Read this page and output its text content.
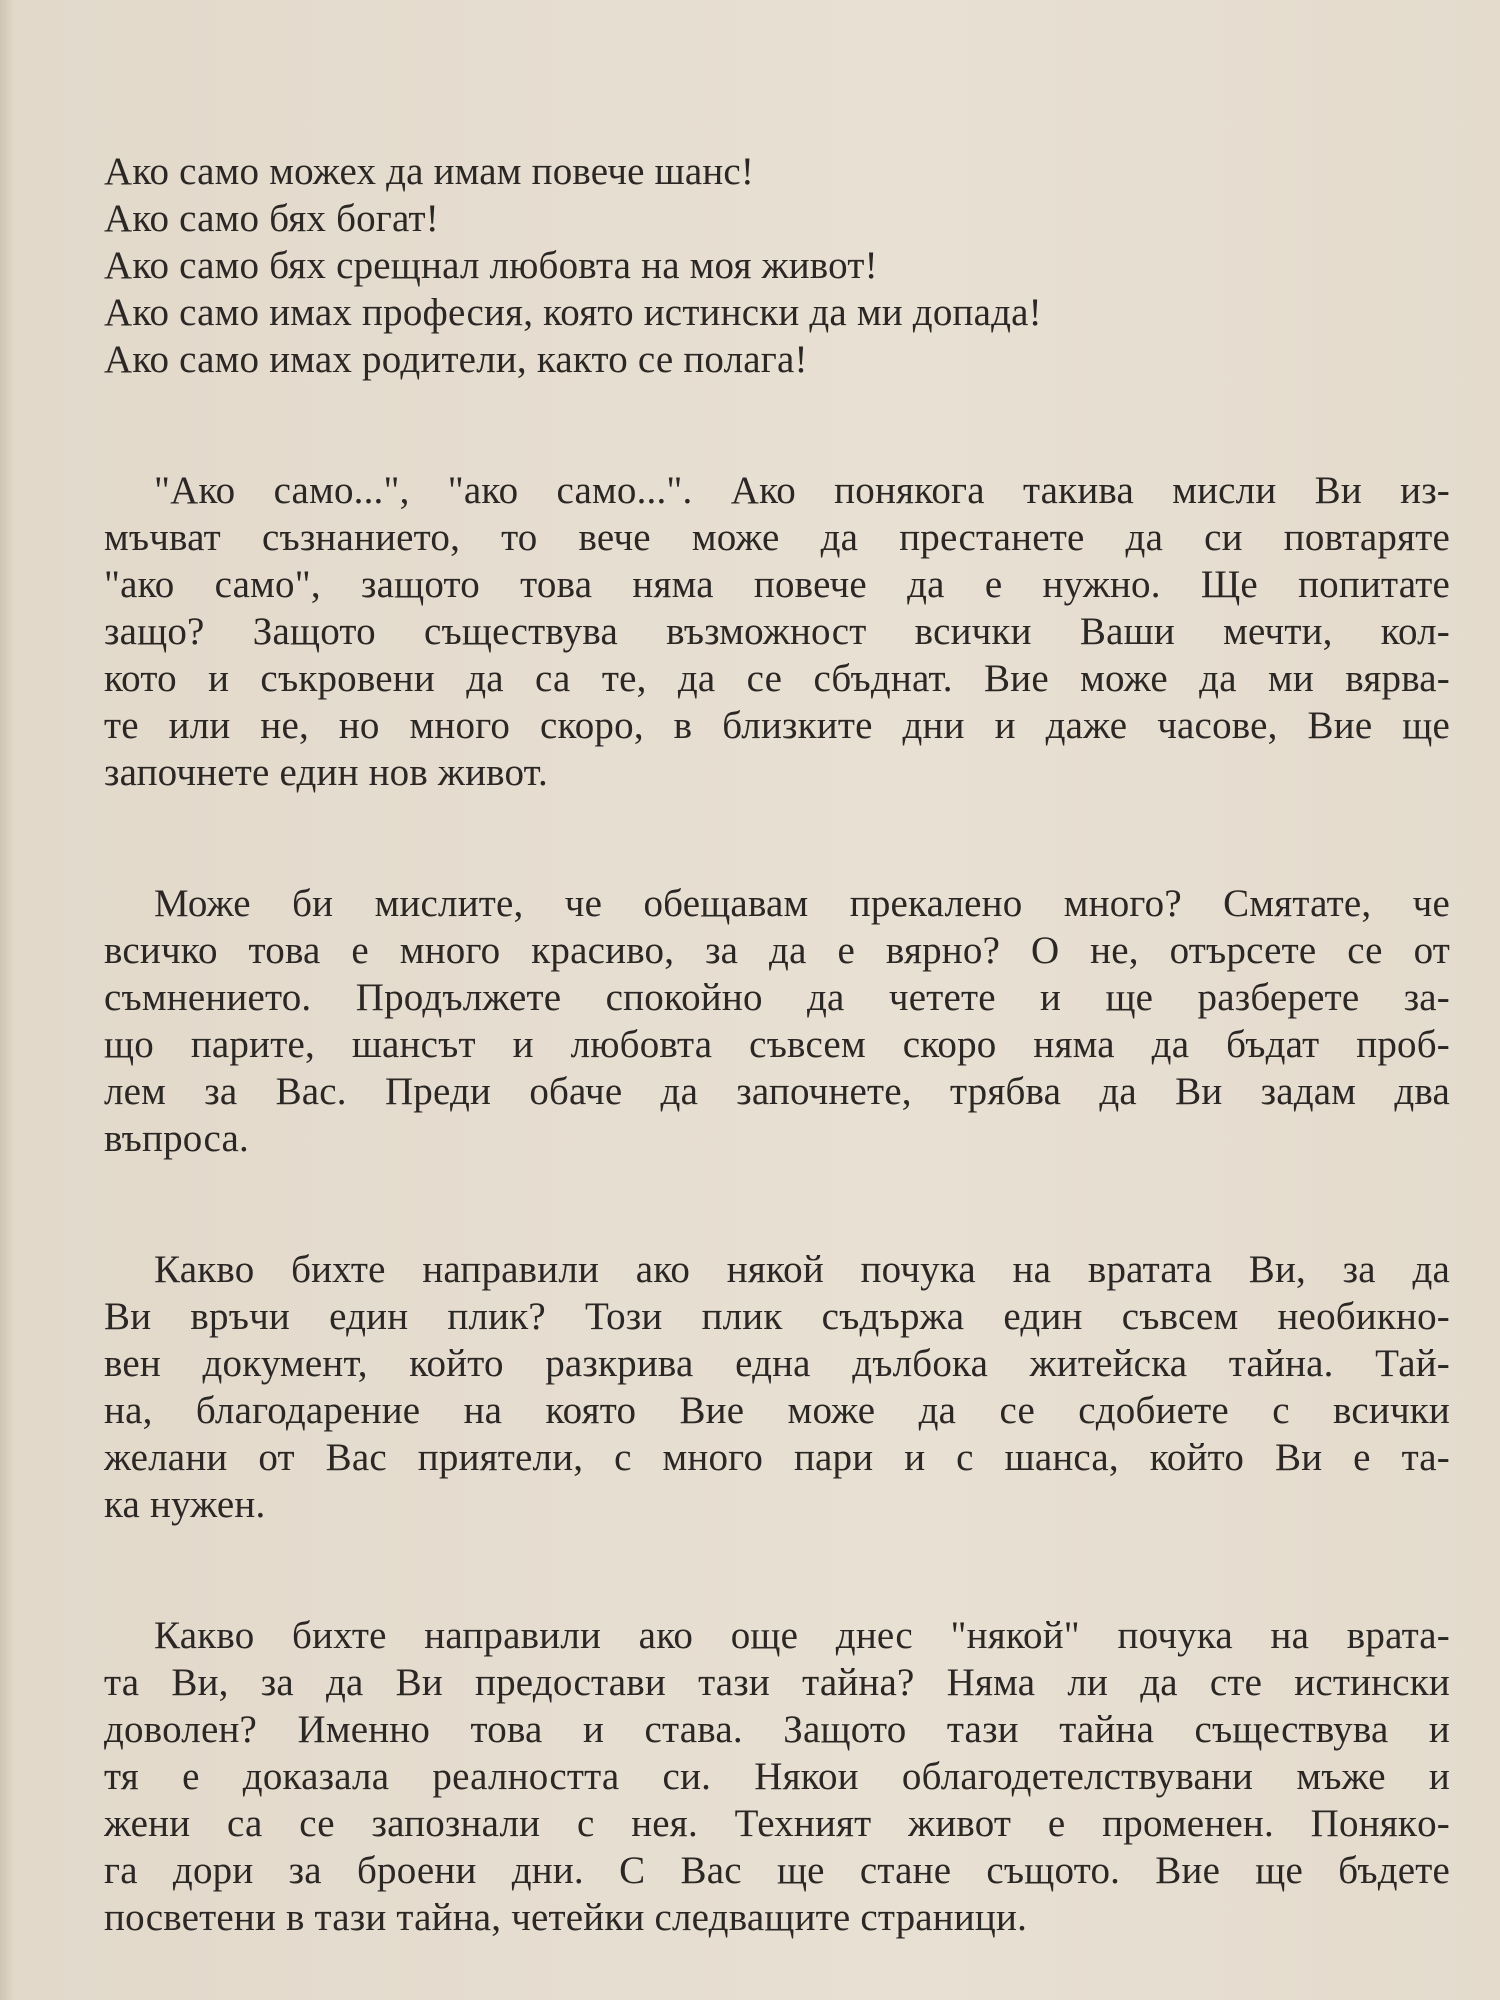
Ако само можех да имам повече шанс!
Ако само бях богат!
Ако само бях срещнал любовта на моя живот!
Ако само имах професия, която истински да ми допада!
Ако само имах родители, както се полага!
"Ако само...", "ако само...". Ако понякога такива мисли Ви из-
мъчват съзнанието, то вече може да престанете да си повтаряте
"ако само", защото това няма повече да е нужно. Ще попитате
защо? Защото съществува възможност всички Ваши мечти, кол-
кото и съкровени да са те, да се сбъднат. Вие може да ми вярва-
те или не, но много скоро, в близките дни и даже часове, Вие ще
започнете един нов живот.
Може би мислите, че обещавам прекалено много? Смятате, че
всичко това е много красиво, за да е вярно? О не, отърсете се от
съмнението. Продължете спокойно да четете и ще разберете за-
що парите, шансът и любовта съвсем скоро няма да бъдат проб-
лем за Вас. Преди обаче да започнете, трябва да Ви задам два
въпроса.
Какво бихте направили ако някой почука на вратата Ви, за да
Ви връчи един плик? Този плик съдържа един съвсем необикно-
вен документ, който разкрива една дълбока житейска тайна. Тай-
на, благодарение на която Вие може да се сдобиете с всички
желани от Вас приятели, с много пари и с шанса, който Ви е та-
ка нужен.
Какво бихте направили ако още днес "някой" почука на врата-
та Ви, за да Ви предостави тази тайна? Няма ли да сте истински
доволен? Именно това и става. Защото тази тайна съществува и
тя е доказала реалността си. Някои облагодетелствувани мъже и
жени са се запознали с нея. Техният живот е променен. Понякo-
га дори за броени дни. С Вас ще стане същото. Вие ще бъдете
посветени в тази тайна, четейки следващите страници.
